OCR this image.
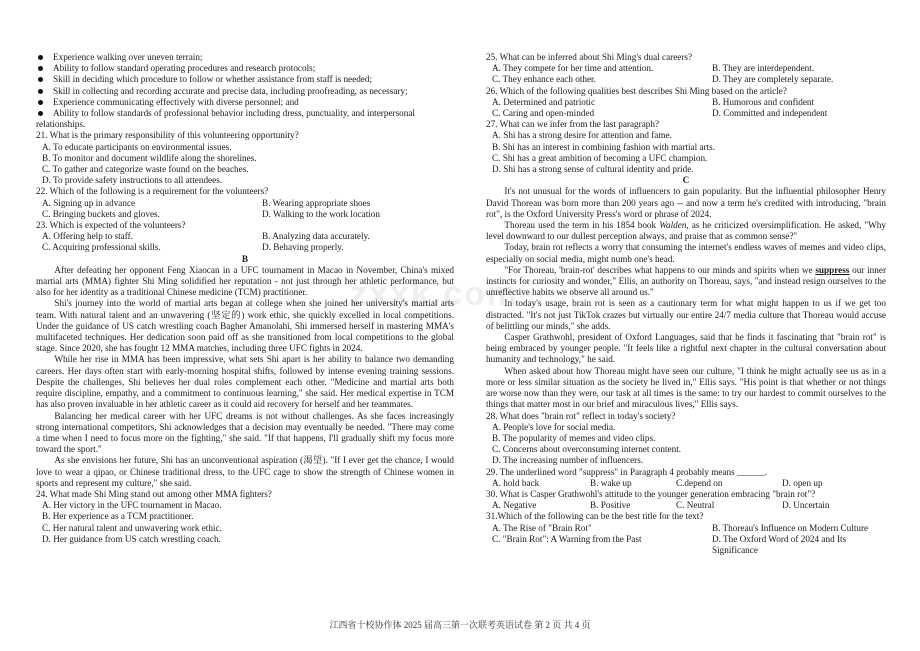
zxxk.com
Experience walking over uneven terrain;
Ability to follow standard operating procedures and research protocols;
Skill in deciding which procedure to follow or whether assistance from staff is needed;
Skill in collecting and recording accurate and precise data, including proofreading, as necessary;
Experience communicating effectively with diverse personnel; and
Ability to follow standards of professional behavior including dress, punctuality, and interpersonal
relationships.
21. What is the primary responsibility of this volunteering opportunity?
A. To educate participants on environmental issues.
B. To monitor and document wildlife along the shorelines.
C. To gather and categorize waste found on the beaches.
D. To provide safety instructions to all attendees.
22. Which of the following is a requirement for the volunteers?
A. Signing up in advance	B. Wearing appropriate shoes
C. Bringing buckets and gloves.	D. Walking to the work location
23. Which is expected of the volunteers?
A. Offering help to staff.	B. Analyzing data accurately.
C. Acquiring professional skills.	D. Behaving properly.
B
After defeating her opponent Feng Xiaocan in a UFC tournament in Macao in November, China's mixed martial arts (MMA) fighter Shi Ming solidified her reputation - not just through her athletic performance, but also for her identity as a traditional Chinese medicine (TCM) practitioner.
Shi's journey into the world of martial arts began at college when she joined her university's martial arts team. With natural talent and an unwavering (坚定的) work ethic, she quickly excelled in local competitions. Under the guidance of US catch wrestling coach Bagher Amanolahi, Shi immersed herself in mastering MMA's multifaceted techniques. Her dedication soon paid off as she transitioned from local competitions to the global stage. Since 2020, she has fought 12 MMA matches, including three UFC fights in 2024.
While her rise in MMA has been impressive, what sets Shi apart is her ability to balance two demanding careers. Her days often start with early-morning hospital shifts, followed by intense evening training sessions. Despite the challenges, Shi believes her dual roles complement each other. "Medicine and martial arts both require discipline, empathy, and a commitment to continuous learning," she said. Her medical expertise in TCM has also proven invaluable in her athletic career as it could aid recovery for herself and her teammates.
Balancing her medical career with her UFC dreams is not without challenges. As she faces increasingly strong international competitors, Shi acknowledges that a decision may eventually be needed. "There may come a time when I need to focus more on the fighting," she said. "If that happens, I'll gradually shift my focus more toward the sport."
As she envisions her future, Shi has an unconventional aspiration (渴望). "If I ever get the chance, I would love to wear a qipao, or Chinese traditional dress, to the UFC cage to show the strength of Chinese women in sports and represent my culture," she said.
24. What made Shi Ming stand out among other MMA fighters?
A. Her victory in the UFC tournament in Macao.
B. Her experience as a TCM practitioner.
C. Her natural talent and unwavering work ethic.
D. Her guidance from US catch wrestling coach.
25. What can be inferred about Shi Ming's dual careers?
A. They compete for her time and attention.	B. They are interdependent.
C. They enhance each other.	D. They are completely separate.
26. Which of the following qualities best describes Shi Ming based on the article?
A. Determined and patriotic	B. Humorous and confident
C. Caring and open-minded	D. Committed and independent
27. What can we infer from the last paragraph?
A. Shi has a strong desire for attention and fame.
B. Shi has an interest in combining fashion with martial arts.
C. Shi has a great ambition of becoming a UFC champion.
D. Shi has a strong sense of cultural identity and pride.
C
It's not unusual for the words of influencers to gain popularity. But the influential philosopher Henry David Thoreau was born more than 200 years ago -- and now a term he's credited with introducing, "brain rot", is the Oxford University Press's word or phrase of 2024.
Thoreau used the term in his 1854 book Walden, as he criticized oversimplification. He asked, "Why level downward to our dullest perception always, and praise that as common sense?"
Today, brain rot reflects a worry that consuming the internet's endless waves of memes and video clips, especially on social media, might numb one's head.
"For Thoreau, 'brain-rot' describes what happens to our minds and spirits when we suppress our inner instincts for curiosity and wonder," Ellis, an authority on Thoreau, says, "and instead resign ourselves to the unreflective habits we observe all around us."
In today's usage, brain rot is seen as a cautionary term for what might happen to us if we get too distracted. "It's not just TikTok crazes but virtually our entire 24/7 media culture that Thoreau would accuse of belittling our minds," she adds.
Casper Grathwohl, president of Oxford Languages, said that he finds it fascinating that "brain rot" is being embraced by younger people. "It feels like a rightful next chapter in the cultural conversation about humanity and technology," he said.
When asked about how Thoreau might have seen our culture, "I think he might actually see us as in a more or less similar situation as the society he lived in," Ellis says. "His point is that whether or not things are worse now than they were, our task at all times is the same: to try our hardest to commit ourselves to the things that matter most in our brief and miraculous lives," Ellis says.
28. What does "brain rot" reflect in today's society?
A. People's love for social media.
B. The popularity of memes and video clips.
C. Concerns about overconsuming internet content.
D. The increasing number of influencers.
29. The underlined word "suppress" in Paragraph 4 probably means ______.
A. hold back	B. wake up	C.depend on	D. open up
30. What is Casper Grathwohl's attitude to the younger generation embracing "brain rot"?
A. Negative	B. Positive	C. Neutral	D. Uncertain
31.Which of the following can be the best title for the text?
A. The Rise of "Brain Rot"	B. Thoreau's Influence on Modern Culture
C. "Brain Rot": A Warning from the Past	D. The Oxford Word of 2024 and Its Significance
江西省十校协作体 2025 届高三第一次联考英语试卷 第 2 页 共 4 页
